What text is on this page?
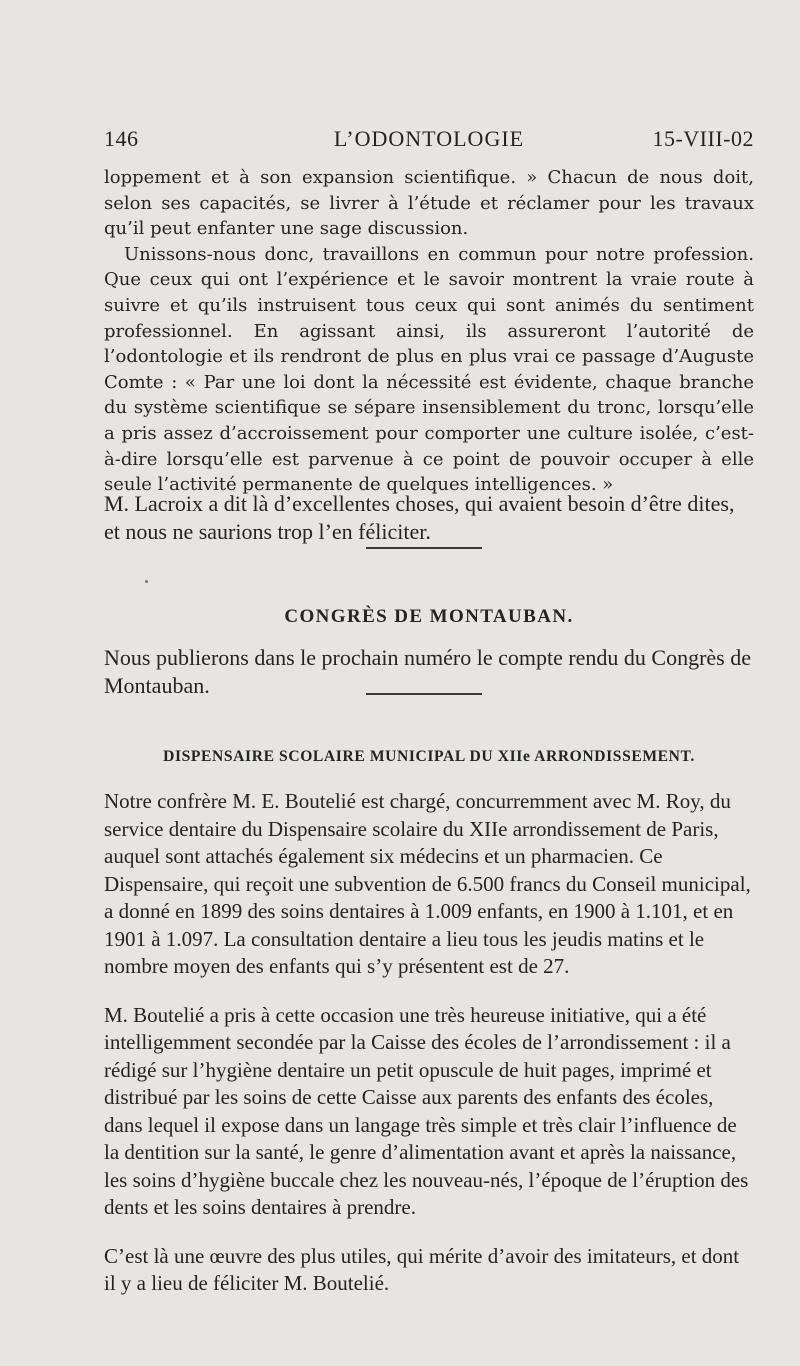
146	L’ODONTOLOGIE	15-VIII-02

loppement et à son expansion scientifique. » Chacun de nous doit, selon ses capacités, se livrer à l’étude et réclamer pour les travaux qu’il peut enfanter une sage discussion.

Unissons-nous donc, travaillons en commun pour notre profession. Que ceux qui ont l’expérience et le savoir montrent la vraie route à suivre et qu’ils instruisent tous ceux qui sont animés du sentiment professionnel. En agissant ainsi, ils assureront l’autorité de l’odontologie et ils rendront de plus en plus vrai ce passage d’Auguste Comte : « Par une loi dont la nécessité est évidente, chaque branche du système scientifique se sépare insensiblement du tronc, lorsqu’elle a pris assez d’accroissement pour comporter une culture isolée, c’est-à-dire lorsqu’elle est parvenue à ce point de pouvoir occuper à elle seule l’activité permanente de quelques intelligences. »

M. Lacroix a dit là d’excellentes choses, qui avaient besoin d’être dites, et nous ne saurions trop l’en féliciter.

CONGRÈS DE MONTAUBAN.

Nous publierons dans le prochain numéro le compte rendu du Congrès de Montauban.

DISPENSAIRE SCOLAIRE MUNICIPAL DU XIIe ARRONDISSEMENT.

Notre confrère M. E. Boutelié est chargé, concurremment avec M. Roy, du service dentaire du Dispensaire scolaire du XIIe arrondissement de Paris, auquel sont attachés également six médecins et un pharmacien. Ce Dispensaire, qui reçoit une subvention de 6.500 francs du Conseil municipal, a donné en 1899 des soins dentaires à 1.009 enfants, en 1900 à 1.101, et en 1901 à 1.097. La consultation dentaire a lieu tous les jeudis matins et le nombre moyen des enfants qui s’y présentent est de 27.

M. Boutelié a pris à cette occasion une très heureuse initiative, qui a été intelligemment secondée par la Caisse des écoles de l’arrondissement : il a rédigé sur l’hygiène dentaire un petit opuscule de huit pages, imprimé et distribué par les soins de cette Caisse aux parents des enfants des écoles, dans lequel il expose dans un langage très simple et très clair l’influence de la dentition sur la santé, le genre d’alimentation avant et après la naissance, les soins d’hygiène buccale chez les nouveau-nés, l’époque de l’éruption des dents et les soins dentaires à prendre.

C’est là une œuvre des plus utiles, qui mérite d’avoir des imitateurs, et dont il y a lieu de féliciter M. Boutelié.
